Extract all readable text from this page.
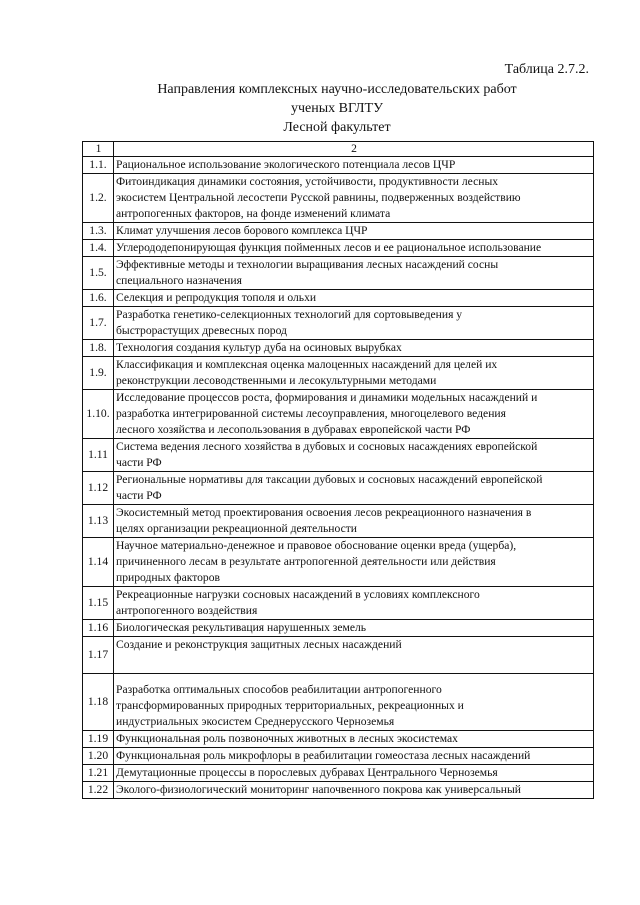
Таблица 2.7.2.
Направления комплексных научно-исследовательских работ
ученых ВГЛТУ
Лесной факультет
1	2
1.1.	Рациональное использование экологического потенциала лесов ЦЧР

1.2.	Фитоиндикация динамики состояния, устойчивости, продуктивности лесных
экосистем Центральной лесостепи Русской равнины, подверженных воздействию
антропогенных факторов, на фонде изменений климата

1.3.	Климат улучшения лесов борового комплекса ЦЧР

1.4.	Углерододепонирующая функция пойменных лесов и ее рациональное использование

1.5.	Эффективные методы и технологии выращивания лесных насаждений сосны
специального назначения

1.6.	Селекция и репродукция тополя и ольхи

1.7.	Разработка генетико-селекционных технологий для сортовыведения у
быстрорастущих древесных пород

1.8.	Технология создания культур дуба на осиновых вырубках

1.9.	Классификация и комплексная оценка малоценных насаждений для целей их
реконструкции лесоводственными и лесокультурными методами

1.10.	Исследование процессов роста, формирования и динамики модельных насаждений и
разработка интегрированной системы лесоуправления, многоцелевого ведения
лесного хозяйства и лесопользования в дубравах европейской части РФ

1.11	Система ведения лесного хозяйства в дубовых и сосновых насаждениях европейской
части РФ

1.12	Региональные нормативы для таксации дубовых и сосновых насаждений европейской
части РФ

1.13	Экосистемный метод проектирования освоения лесов рекреационного назначения в
целях организации рекреационной деятельности

1.14	Научное материально-денежное и правовое обоснование оценки вреда (ущерба),
причиненного лесам в результате антропогенной деятельности или действия
природных факторов

1.15	Рекреационные нагрузки сосновых насаждений в условиях комплексного
антропогенного воздействия

1.16	Биологическая рекультивация нарушенных земель

1.17	Создание и реконструкция защитных лесных насаждений

1.18	Разработка оптимальных способов реабилитации антропогенного
трансформированных природных территориальных, рекреационных и
индустриальных экосистем Среднерусского Черноземья

1.19	Функциональная роль позвоночных животных в лесных экосистемах

1.20	Функциональная роль микрофлоры в реабилитации гомеостаза лесных насаждений

1.21	Демутационные процессы в порослевых дубравах Центрального Черноземья

1.22	Эколого-физиологический мониторинг напочвенного покрова как универсальный
